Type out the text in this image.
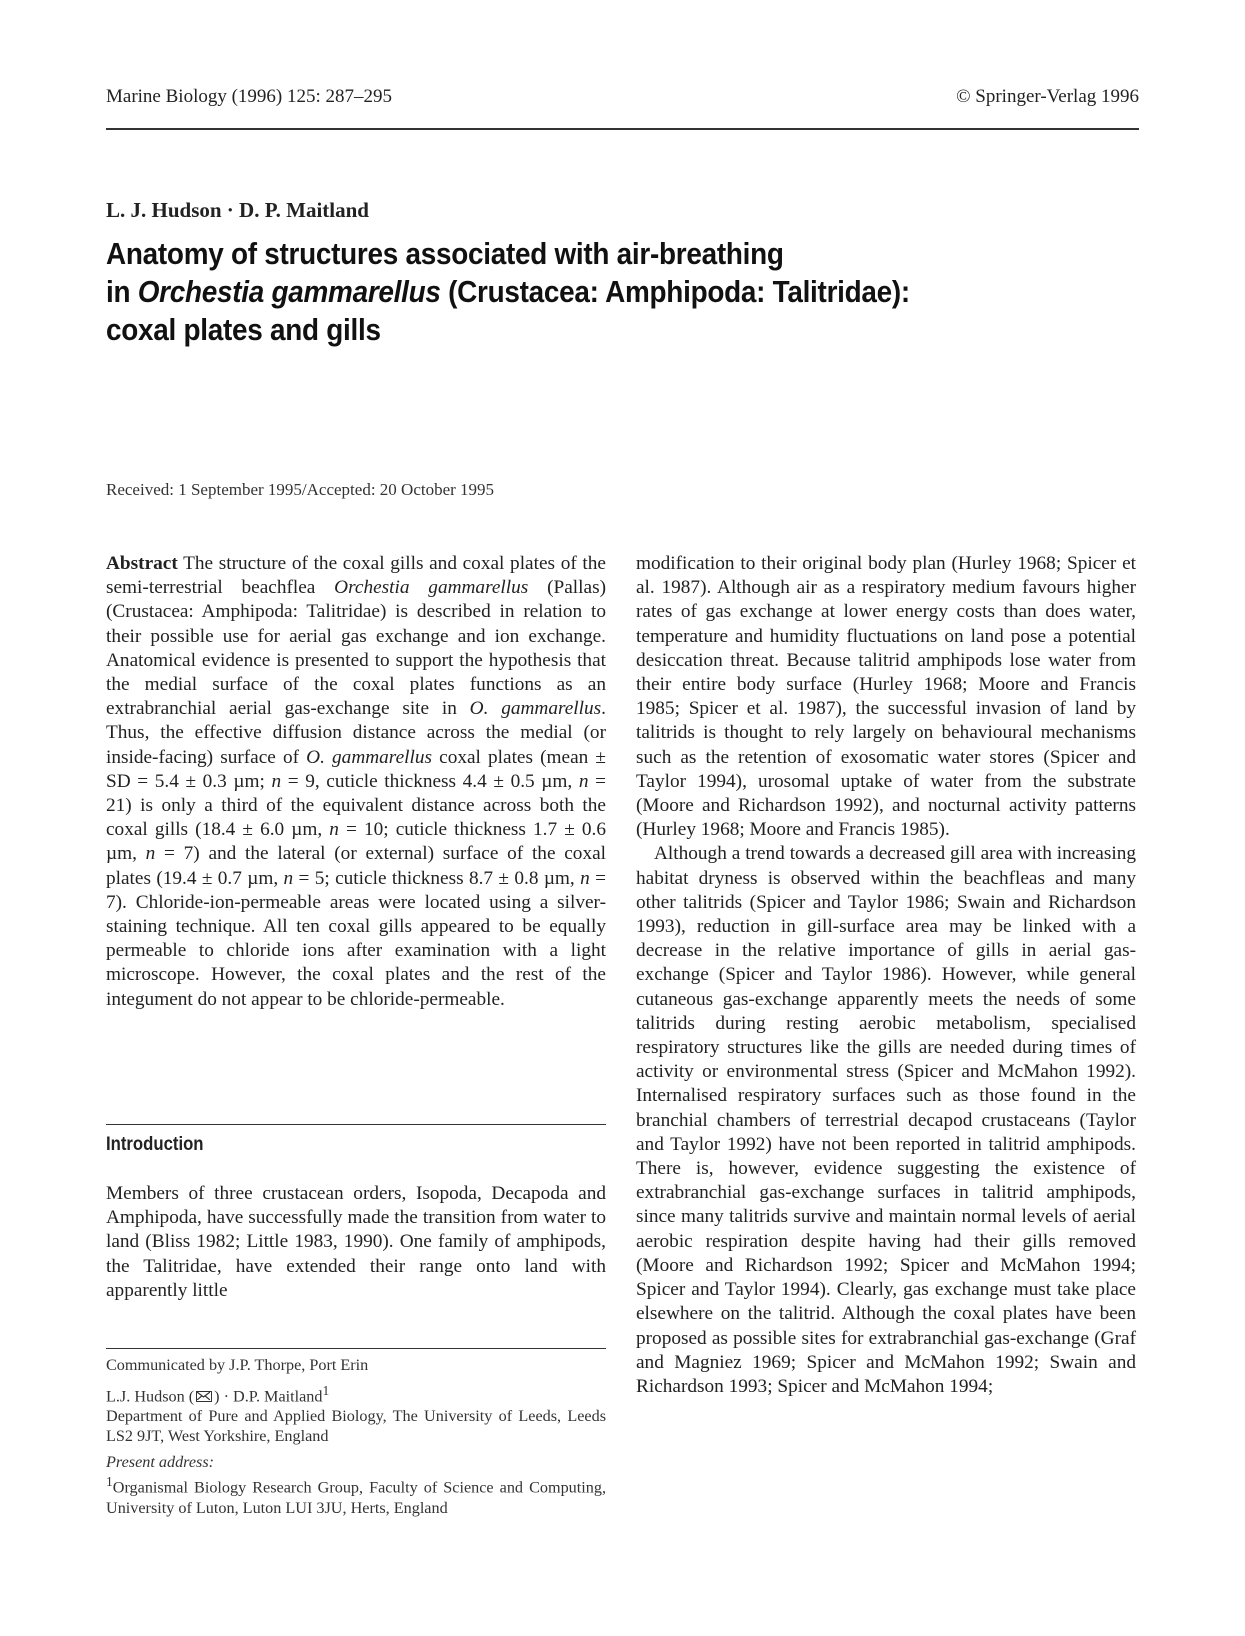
Marine Biology (1996) 125: 287–295	© Springer-Verlag 1996
L. J. Hudson · D. P. Maitland
Anatomy of structures associated with air-breathing
in Orchestia gammarellus (Crustacea: Amphipoda: Talitridae):
coxal plates and gills
Received: 1 September 1995/Accepted: 20 October 1995

Abstract The structure of the coxal gills and coxal plates of the semi-terrestrial beachflea Orchestia gammarellus (Pallas) (Crustacea: Amphipoda: Talitridae) is described in relation to their possible use for aerial gas exchange and ion exchange. Anatomical evidence is presented to support the hypothesis that the medial surface of the coxal plates functions as an extrabranchial aerial gas-exchange site in O. gammarellus. Thus, the effective diffusion distance across the medial (or inside-facing) surface of O. gammarellus coxal plates (mean ± SD = 5.4 ± 0.3 µm; n = 9, cuticle thickness 4.4 ± 0.5 µm, n = 21) is only a third of the equivalent distance across both the coxal gills (18.4 ± 6.0 µm, n = 10; cuticle thickness 1.7 ± 0.6 µm, n = 7) and the lateral (or external) surface of the coxal plates (19.4 ± 0.7 µm, n = 5; cuticle thickness 8.7 ± 0.8 µm, n = 7). Chloride-ion-permeable areas were located using a silver-staining technique. All ten coxal gills appeared to be equally permeable to chloride ions after examination with a light microscope. However, the coxal plates and the rest of the integument do not appear to be chloride-permeable.

Introduction

Members of three crustacean orders, Isopoda, Decapoda and Amphipoda, have successfully made the transition from water to land (Bliss 1982; Little 1983, 1990). One family of amphipods, the Talitridae, have extended their range onto land with apparently little

Communicated by J.P. Thorpe, Port Erin

L.J. Hudson ( ) · D.P. Maitland$^1$

Department of Pure and Applied Biology, The University of Leeds, Leeds LS2 9JT, West Yorkshire, England

Present address:

$^1$Organismal Biology Research Group, Faculty of Science and Computing, University of Luton, Luton LUI 3JU, Herts, England

modification to their original body plan (Hurley 1968; Spicer et al. 1987). Although air as a respiratory medium favours higher rates of gas exchange at lower energy costs than does water, temperature and humidity fluctuations on land pose a potential desiccation threat. Because talitrid amphipods lose water from their entire body surface (Hurley 1968; Moore and Francis 1985; Spicer et al. 1987), the successful invasion of land by talitrids is thought to rely largely on behavioural mechanisms such as the retention of exosomatic water stores (Spicer and Taylor 1994), urosomal uptake of water from the substrate (Moore and Richardson 1992), and nocturnal activity patterns (Hurley 1968; Moore and Francis 1985).

Although a trend towards a decreased gill area with increasing habitat dryness is observed within the beachfleas and many other talitrids (Spicer and Taylor 1986; Swain and Richardson 1993), reduction in gill-surface area may be linked with a decrease in the relative importance of gills in aerial gas-exchange (Spicer and Taylor 1986). However, while general cutaneous gas-exchange apparently meets the needs of some talitrids during resting aerobic metabolism, specialised respiratory structures like the gills are needed during times of activity or environmental stress (Spicer and McMahon 1992). Internalised respiratory surfaces such as those found in the branchial chambers of terrestrial decapod crustaceans (Taylor and Taylor 1992) have not been reported in talitrid amphipods. There is, however, evidence suggesting the existence of extrabranchial gas-exchange surfaces in talitrid amphipods, since many talitrids survive and maintain normal levels of aerial aerobic respiration despite having had their gills removed (Moore and Richardson 1992; Spicer and McMahon 1994; Spicer and Taylor 1994). Clearly, gas exchange must take place elsewhere on the talitrid. Although the coxal plates have been proposed as possible sites for extrabranchial gas-exchange (Graf and Magniez 1969; Spicer and McMahon 1992; Swain and Richardson 1993; Spicer and McMahon 1994;
